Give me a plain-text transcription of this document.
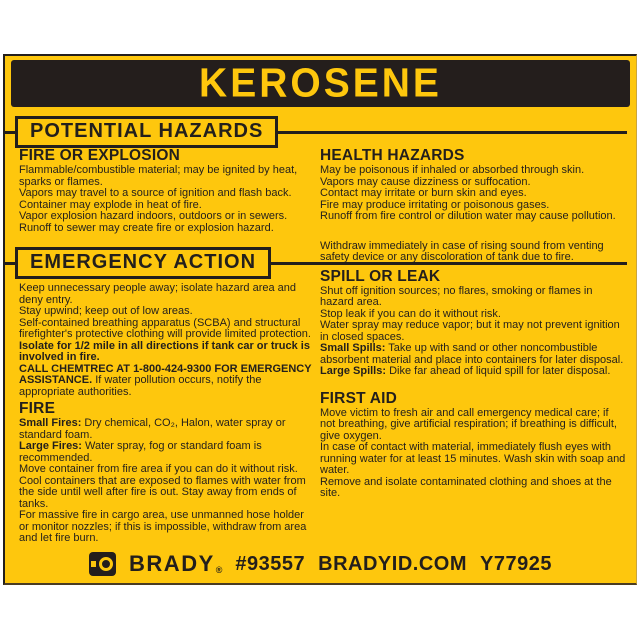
KEROSENE
POTENTIAL HAZARDS
FIRE OR EXPLOSION

Flammable/combustible material; may be ignited by heat, sparks or flames.

Vapors may travel to a source of ignition and flash back.

Container may explode in heat of fire.

Vapor explosion hazard indoors, outdoors or in sewers.

Runoff to sewer may create fire or explosion hazard.

EMERGENCY ACTION

Keep unnecessary people away; isolate hazard area and deny entry.

Stay upwind; keep out of low areas.

Self-contained breathing apparatus (SCBA) and structural firefighter's protective clothing will provide limited protection.

Isolate for 1/2 mile in all directions if tank car or truck is involved in fire.

CALL CHEMTREC AT 1-800-424-9300 FOR EMERGENCY ASSISTANCE. If water pollution occurs, notify the appropriate authorities.

FIRE

Small Fires: Dry chemical, CO₂, Halon, water spray or standard foam.

Large Fires: Water spray, fog or standard foam is recommended.

Move container from fire area if you can do it without risk.

Cool containers that are exposed to flames with water from the side until well after fire is out. Stay away from ends of tanks.

For massive fire in cargo area, use unmanned hose holder or monitor nozzles; if this is impossible, withdraw from area and let fire burn.

HEALTH HAZARDS

May be poisonous if inhaled or absorbed through skin.

Vapors may cause dizziness or suffocation.

Contact may irritate or burn skin and eyes.

Fire may produce irritating or poisonous gases.

Runoff from fire control or dilution water may cause pollution.

Withdraw immediately in case of rising sound from venting safety device or any discoloration of tank due to fire.

SPILL OR LEAK

Shut off ignition sources; no flares, smoking or flames in hazard area.

Stop leak if you can do it without risk.

Water spray may reduce vapor; but it may not prevent ignition in closed spaces.

Small Spills: Take up with sand or other noncombustible absorbent material and place into containers for later disposal.

Large Spills: Dike far ahead of liquid spill for later disposal.

FIRST AID

Move victim to fresh air and call emergency medical care; if not breathing, give artificial respiration; if breathing is difficult, give oxygen.

In case of contact with material, immediately flush eyes with running water for at least 15 minutes. Wash skin with soap and water.

Remove and isolate contaminated clothing and shoes at the site.

BRADY ® #93557 BRADYID.COM Y77925
